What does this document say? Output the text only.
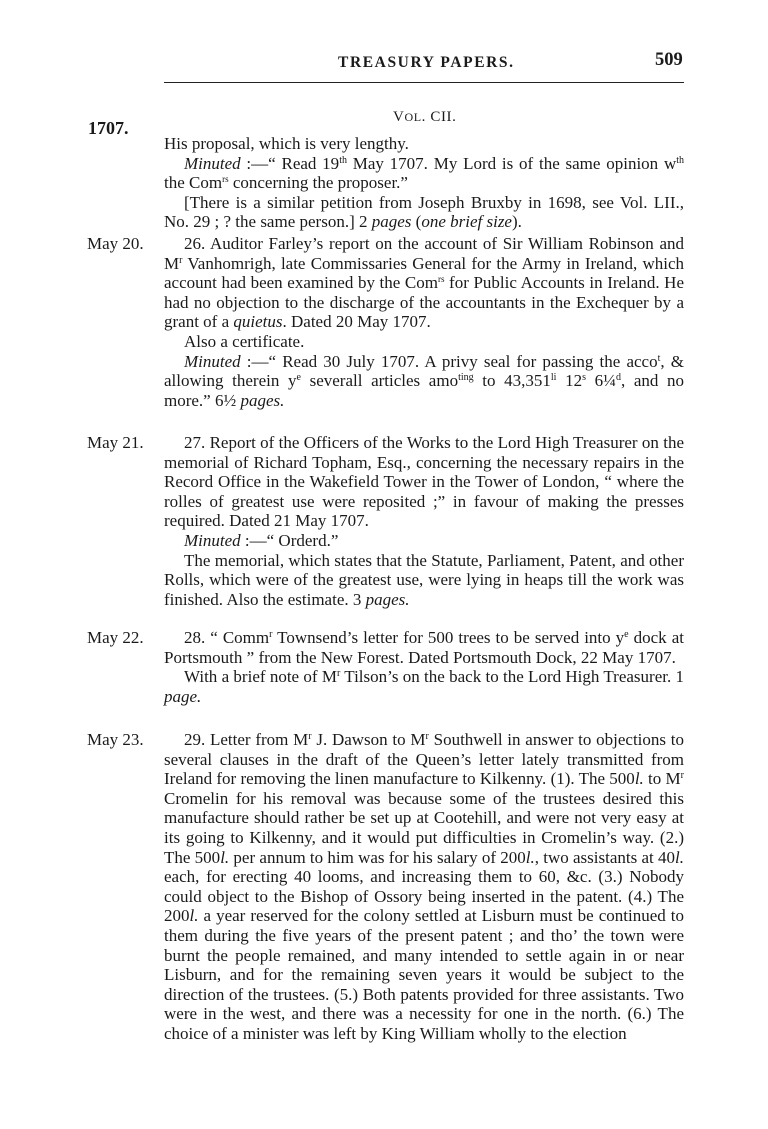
TREASURY PAPERS.	509
1707.
VOL. CII.

His proposal, which is very lengthy.

Minuted :—“ Read 19th May 1707. My Lord is of the same opinion $w^{th}$ the Com$^{rs}$ concerning the proposer.”

[There is a similar petition from Joseph Bruxby in 1698, see Vol. LII., No. 29 ; ? the same person.] 2 pages (one brief size).

May 20.	26. Auditor Farley’s report on the account of Sir William Robinson and $M^r$ Vanhomrigh, late Commissaries General for the Army in Ireland, which account had been examined by the Com$^{rs}$ for Public Accounts in Ireland. He had no objection to the discharge of the accountants in the Exchequer by a grant of a quietus. Dated 20 May 1707.

Also a certificate.

Minuted :—“ Read 30 July 1707. A privy seal for passing the acco$^t$, & allowing therein $y^e$ severall articles amo$^{ting}$ to $43,351^{li}$ 12$^s$ 6¼$^d$, and no more.” 6½ pages.

May 21.	27. Report of the Officers of the Works to the Lord High Treasurer on the memorial of Richard Topham, Esq., concerning the necessary repairs in the Record Office in the Wakefield Tower in the Tower of London, “ where the rolles of greatest use were reposited ;” in favour of making the presses required. Dated 21 May 1707.

Minuted :—“ Orderd.”

The memorial, which states that the Statute, Parliament, Patent, and other Rolls, which were of the greatest use, were lying in heaps till the work was finished. Also the estimate. 3 pages.

May 22.	28. “ Comm$^r$ Townsend’s letter for 500 trees to be served into $y^e$ dock at Portsmouth ” from the New Forest. Dated Portsmouth Dock, 22 May 1707.

With a brief note of $M^r$ Tilson’s on the back to the Lord High Treasurer. 1 page.

May 23.	29. Letter from $M^r$ J. Dawson to $M^r$ Southwell in answer to objections to several clauses in the draft of the Queen’s letter lately transmitted from Ireland for removing the linen manufacture to Kilkenny. (1). The 500l. to $M^r$ Cromelin for his removal was because some of the trustees desired this manufacture should rather be set up at Cootehill, and were not very easy at its going to Kilkenny, and it would put difficulties in Cromelin’s way. (2.) The 500l. per annum to him was for his salary of 200l., two assistants at 40l. each, for erecting 40 looms, and increasing them to 60, &c. (3.) Nobody could object to the Bishop of Ossory being inserted in the patent. (4.) The 200l. a year reserved for the colony settled at Lisburn must be continued to them during the five years of the present patent ; and tho’ the town were burnt the people remained, and many intended to settle again in or near Lisburn, and for the remaining seven years it would be subject to the direction of the trustees. (5.) Both patents provided for three assistants. Two were in the west, and there was a necessity for one in the north. (6.) The choice of a minister was left by King William wholly to the election
